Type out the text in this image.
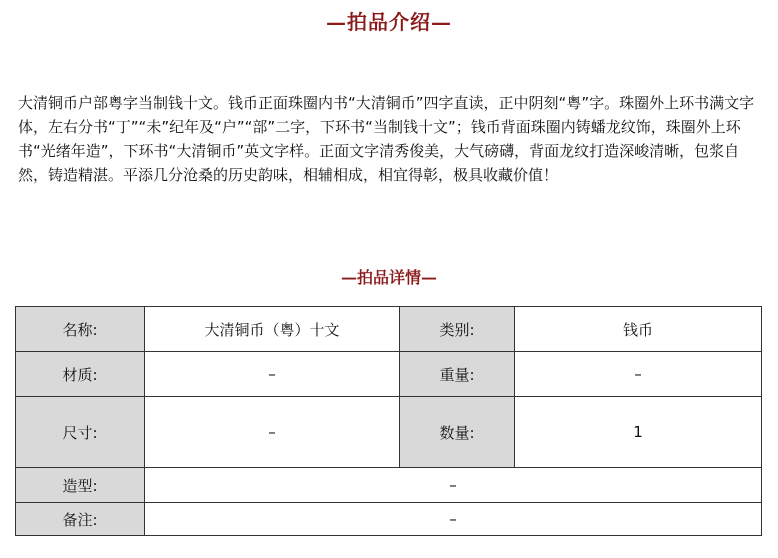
—拍品介绍—
大清铜币户部粤字当制钱十文。钱币正面珠圈内书“大清铜币”四字直读，正中阴刻“粤”字。珠圈外上环书满文字体，左右分书“丁”“未”纪年及“户”“部”二字，下环书“当制钱十文”；钱币背面珠圈内铸蟠龙纹饰，珠圈外上环书“光绪年造”，下环书“大清铜币”英文字样。正面文字清秀俊美，大气磅礴，背面龙纹打造深峻清晰，包浆自然，铸造精湛。平添几分沧桑的历史韵味，相辅相成，相宜得彰，极具收藏价值！
—拍品详情—
名称:	大清铜币（粤）十文	类别:	钱币
材质:	–	重量:	–
尺寸:	–	数量:	1
造型:	–		
备注:	–		
